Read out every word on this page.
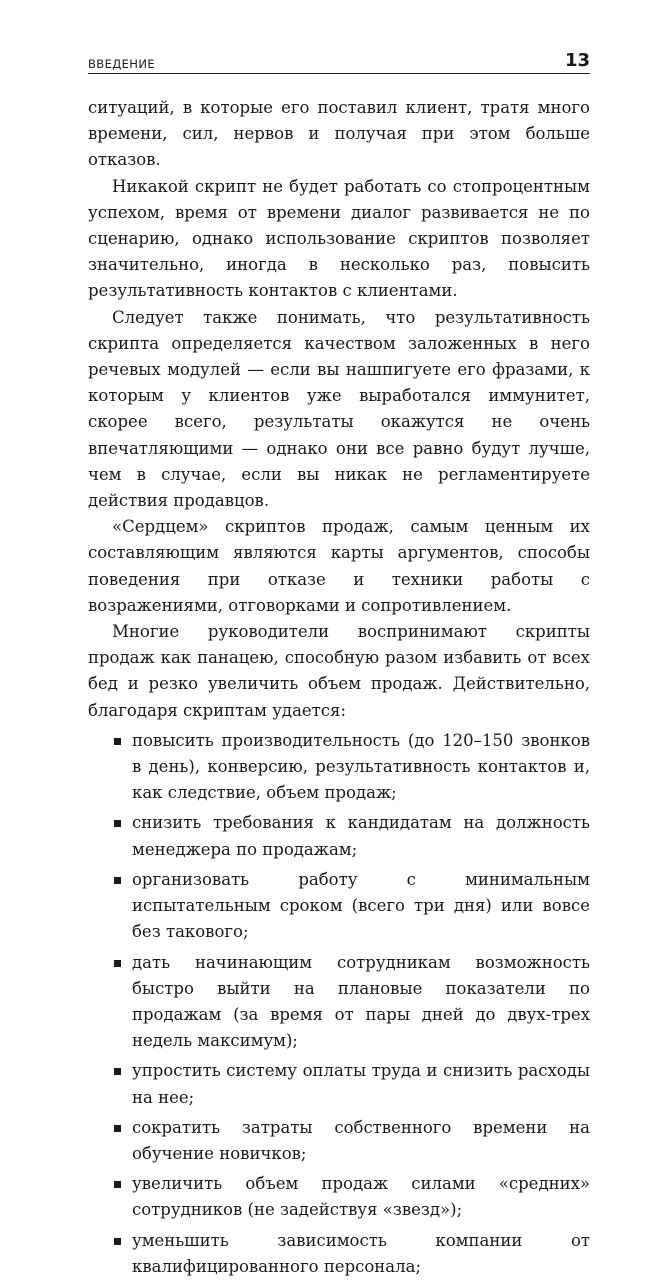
ВВЕДЕНИЕ	13

ситуаций, в которые его поставил клиент, тратя много времени, сил, нервов и получая при этом больше отказов.

Никакой скрипт не будет работать со стопроцентным успехом, время от времени диалог развивается не по сценарию, однако использование скриптов позволяет значительно, иногда в несколько раз, повысить результативность контактов с клиентами.

Следует также понимать, что результативность скрипта определяется качеством заложенных в него речевых модулей — если вы нашпигуете его фразами, к которым у клиентов уже выработался иммунитет, скорее всего, результаты окажутся не очень впечатляющими — однако они все равно будут лучше, чем в случае, если вы никак не регламентируете действия продавцов.

«Сердцем» скриптов продаж, самым ценным их составляющим являются карты аргументов, способы поведения при отказе и техники работы с возражениями, отговорками и сопротивлением.

Многие руководители воспринимают скрипты продаж как панацею, способную разом избавить от всех бед и резко увеличить объем продаж. Действительно, благодаря скриптам удается:

повысить производительность (до 120–150 звонков в день), конверсию, результативность контактов и, как следствие, объем продаж;
снизить требования к кандидатам на должность менеджера по продажам;
организовать работу с минимальным испытательным сроком (всего три дня) или вовсе без такового;
дать начинающим сотрудникам возможность быстро выйти на плановые показатели по продажам (за время от пары дней до двух-трех недель максимум);
упростить систему оплаты труда и снизить расходы на нее;
сократить затраты собственного времени на обучение новичков;
увеличить объем продаж силами «средних» сотрудников (не задействуя «звезд»);
уменьшить зависимость компании от квалифицированного персонала;
